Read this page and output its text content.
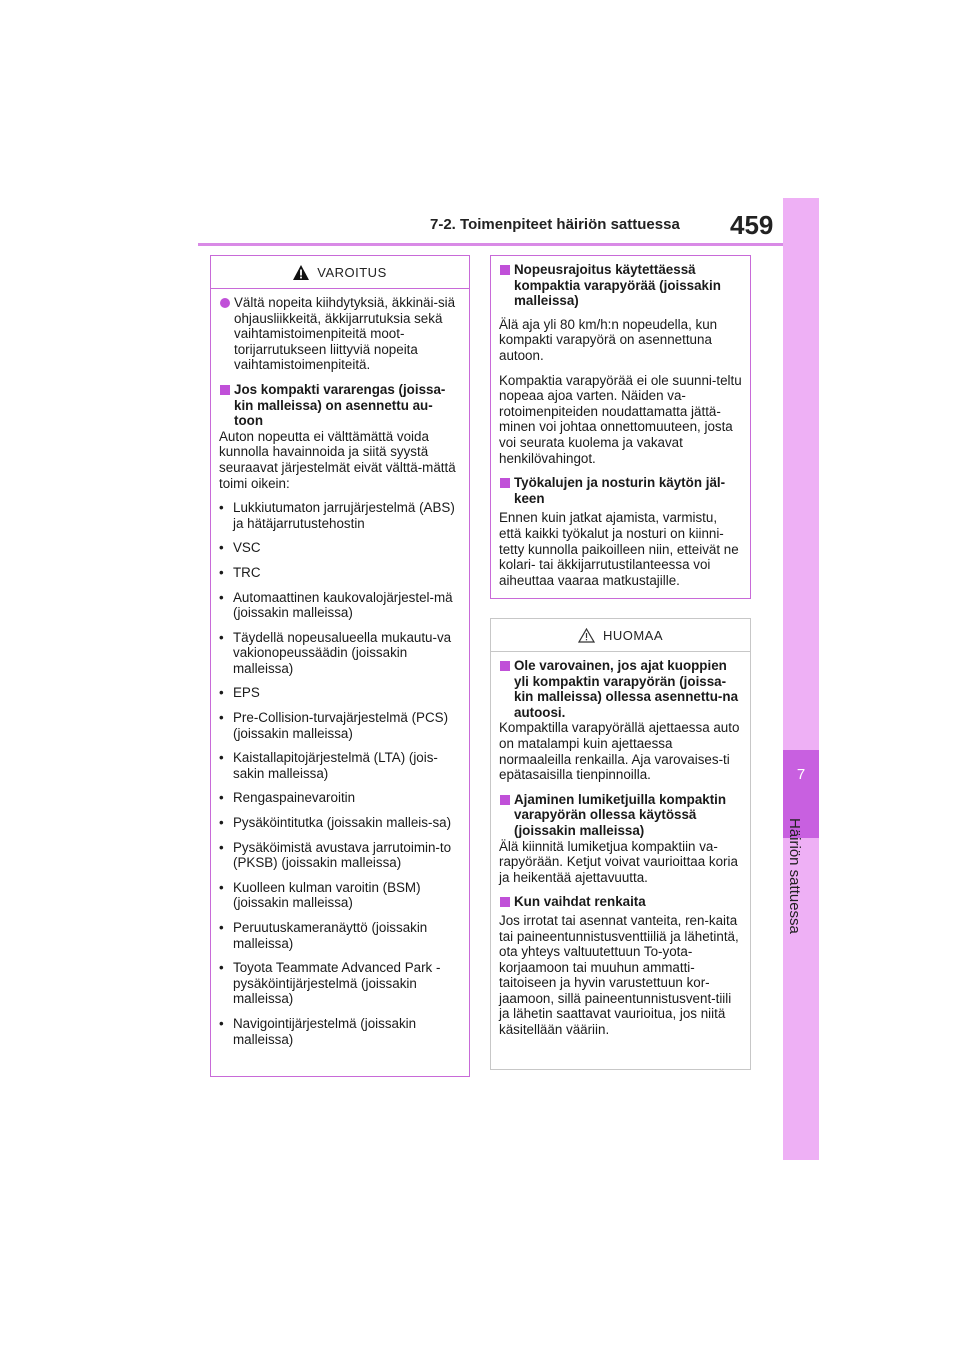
7-2. Toimenpiteet häiriön sattuessa 459
7
Häiriön sattuessa
VAROITUS
Vältä nopeita kiihdytyksiä, äkkinäi-siä ohjausliikkeitä, äkkijarrutuksia sekä vaihtamistoimenpiteitä moot-torijarrutukseen liittyviä nopeita vaihtamistoimenpiteitä.
Jos kompakti vararengas (joissa-kin malleissa) on asennettu au-toon

Auton nopeutta ei välttämättä voida kunnolla havainnoida ja siitä syystä seuraavat järjestelmät eivät välttä-mättä toimi oikein:

• Lukkiutumaton jarrujärjestelmä (ABS) ja hätäjarrutustehostin
• VSC
• TRC
• Automaattinen kaukovalojärjestel-mä (joissakin malleissa)
• Täydellä nopeusalueella mukautu-va vakionopeussäädin (joissakin malleissa)
• EPS
• Pre-Collision-turvajärjestelmä (PCS) (joissakin malleissa)
• Kaistallapitojärjestelmä (LTA) (jois-sakin malleissa)
• Rengaspainevaroitin
• Pysäköintitutka (joissakin malleis-sa)
• Pysäköimistä avustava jarrutoimin-to (PKSB) (joissakin malleissa)
• Kuolleen kulman varoitin (BSM) (joissakin malleissa)
• Peruutuskameranäyttö (joissakin malleissa)
• Toyota Teammate Advanced Park -pysäköintijärjestelmä (joissakin malleissa)
• Navigointijärjestelmä (joissakin malleissa)
Nopeusrajoitus käytettäessä kompaktia varapyörää (joissakin malleissa)

Älä aja yli 80 km/h:n nopeudella, kun kompakti varapyörä on asennettuna autoon.

Kompaktia varapyörää ei ole suunni-teltu nopeaa ajoa varten. Näiden va-rotoimenpiteiden noudattamatta jättä-minen voi johtaa onnettomuuteen, josta voi seurata kuolema ja vakavat henkilövahingot.

Työkalujen ja nosturin käytön jäl-keen

Ennen kuin jatkat ajamista, varmistu, että kaikki työkalut ja nosturi on kiinni-tetty kunnolla paikoilleen niin, etteivät ne kolari- tai äkkijarrutustilanteessa voi aiheuttaa vaaraa matkustajille.

HUOMAA
Ole varovainen, jos ajat kuoppien yli kompaktin varapyörän (joissa-kin malleissa) ollessa asennettu-na autoosi.

Kompaktilla varapyörällä ajettaessa auto on matalampi kuin ajettaessa normaaleilla renkailla. Aja varovaises-ti epätasaisilla tienpinnoilla.

Ajaminen lumiketjuilla kompaktin varapyörän ollessa käytössä (joissakin malleissa)

Älä kiinnitä lumiketjua kompaktiin va-rapyörään. Ketjut voivat vaurioittaa koria ja heikentää ajettavuutta.

Kun vaihdat renkaita

Jos irrotat tai asennat vanteita, ren-kaita tai paineentunnistusventtiiliä ja lähetintä, ota yhteys valtuutettuun To-yota-korjaamoon tai muuhun ammatti-taitoiseen ja hyvin varustettuun kor-jaamoon, sillä paineentunnistusvent-tiili ja lähetin saattavat vaurioitua, jos niitä käsitellään vääriin.
